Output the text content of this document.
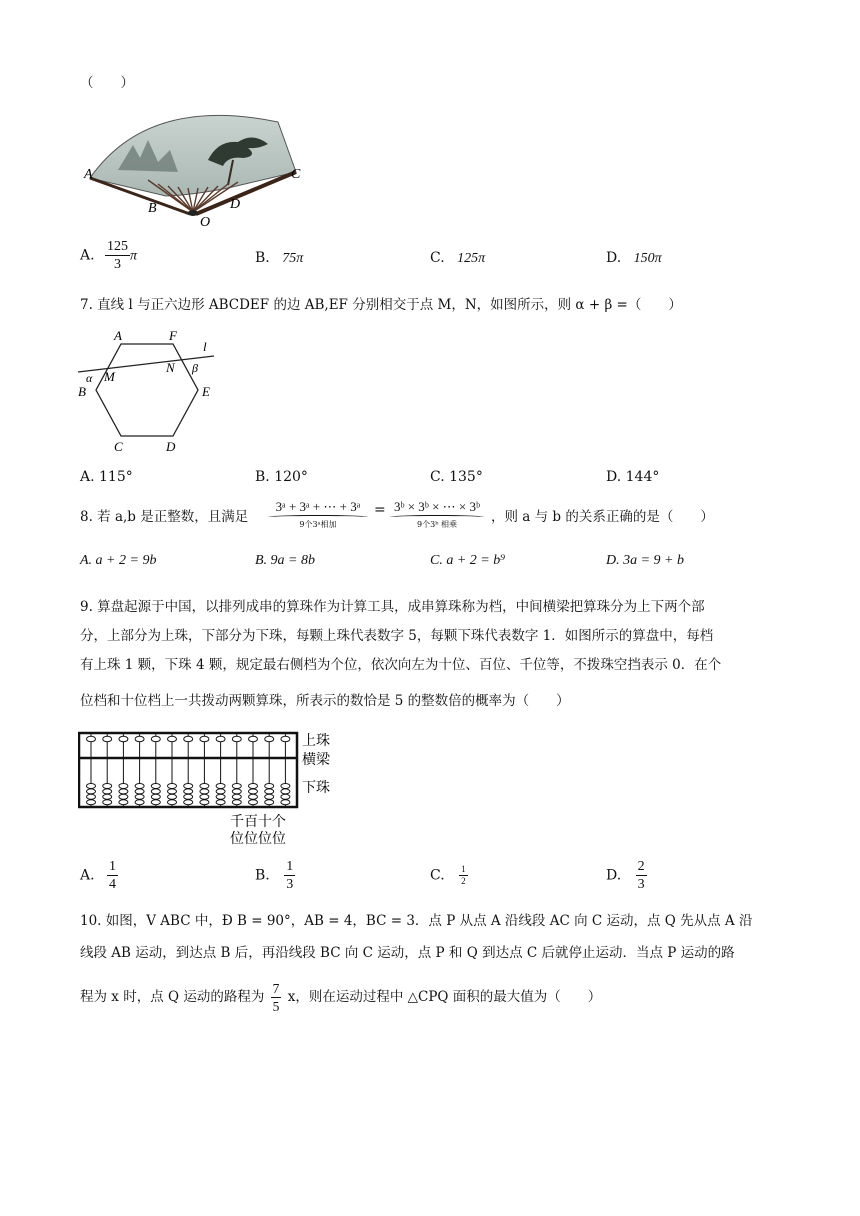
（　　）
A	C
B	D
O
A. $\frac{125}{3}$ π	B. 75π	C. 125π	D. 150π
7. 直线 l 与正六边形 ABCDEF 的边 AB,EF 分别相交于点 M，N，如图所示，则 α + β =（　　）
A	F
l
α M
N β
B	E
C	D
A. 115°	B. 120°	C. 135°	D. 144°
8. 若 a,b 是正整数，且满足
3ᵃ + 3ᵃ + ⋯ + 3ᵃ
9个3ᵃ相加
= 3ᵇ × 3ᵇ × ⋯ × 3ᵇ
9个3ᵇ 相乘	，则 a 与 b 的关系正确的是（　　）
A. a + 2 = 9b	B. 9a = 8b	C. a + 2 = b⁹	D. 3a = 9 + b
9. 算盘起源于中国，以排列成串的算珠作为计算工具，成串算珠称为档，中间横梁把算珠分为上下两个部
分，上部分为上珠，下部分为下珠，每颗上珠代表数字 5，每颗下珠代表数字 1．如图所示的算盘中，每档
有上珠 1 颗，下珠 4 颗，规定最右侧档为个位，依次向左为十位、百位、千位等，不拨珠空挡表示 0．在个
位档和十位档上一共拨动两颗算珠，所表示的数恰是 5 的整数倍的概率为（　　）
上珠
横梁
下珠
千百十个
位位位位
A. $\frac{1}{4}$	B. $\frac{1}{3}$	C. $\frac{1}{2}$	D. $\frac{2}{3}$
10. 如图，V ABC 中，Ð B = 90°，AB = 4，BC = 3．点 P 从点 A 沿线段 AC 向 C 运动，点 Q 先从点 A 沿
线段 AB 运动，到达点 B 后，再沿线段 BC 向 C 运动，点 P 和 Q 到达点 C 后就停止运动．当点 P 运动的路
程为 x 时，点 Q 运动的路程为 $\frac{7}{5}$ x，则在运动过程中 △CPQ 面积的最大值为（　　）
